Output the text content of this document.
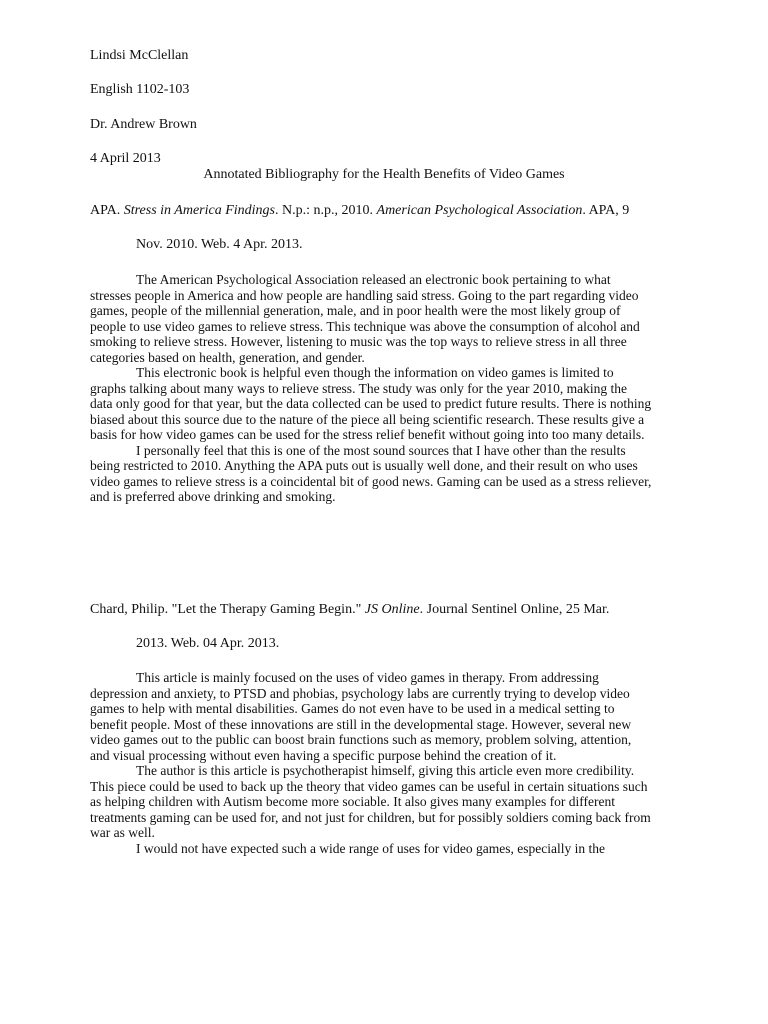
Lindsi McClellan
English 1102-103
Dr. Andrew Brown
4 April 2013
Annotated Bibliography for the Health Benefits of Video Games
APA. Stress in America Findings. N.p.: n.p., 2010. American Psychological Association. APA, 9
Nov. 2010. Web. 4 Apr. 2013.

The American Psychological Association released an electronic book pertaining to what stresses people in America and how people are handling said stress. Going to the part regarding video games, people of the millennial generation, male, and in poor health were the most likely group of people to use video games to relieve stress. This technique was above the consumption of alcohol and smoking to relieve stress. However, listening to music was the top ways to relieve stress in all three categories based on health, generation, and gender.

This electronic book is helpful even though the information on video games is limited to graphs talking about many ways to relieve stress. The study was only for the year 2010, making the data only good for that year, but the data collected can be used to predict future results. There is nothing biased about this source due to the nature of the piece all being scientific research. These results give a basis for how video games can be used for the stress relief benefit without going into too many details.

I personally feel that this is one of the most sound sources that I have other than the results being restricted to 2010. Anything the APA puts out is usually well done, and their result on who uses video games to relieve stress is a coincidental bit of good news. Gaming can be used as a stress reliever, and is preferred above drinking and smoking.

Chard, Philip. "Let the Therapy Gaming Begin." JS Online. Journal Sentinel Online, 25 Mar.
2013. Web. 04 Apr. 2013.

This article is mainly focused on the uses of video games in therapy. From addressing depression and anxiety, to PTSD and phobias, psychology labs are currently trying to develop video games to help with mental disabilities. Games do not even have to be used in a medical setting to benefit people. Most of these innovations are still in the developmental stage. However, several new video games out to the public can boost brain functions such as memory, problem solving, attention, and visual processing without even having a specific purpose behind the creation of it.

The author is this article is psychotherapist himself, giving this article even more credibility. This piece could be used to back up the theory that video games can be useful in certain situations such as helping children with Autism become more sociable. It also gives many examples for different treatments gaming can be used for, and not just for children, but for possibly soldiers coming back from war as well.

I would not have expected such a wide range of uses for video games, especially in the
